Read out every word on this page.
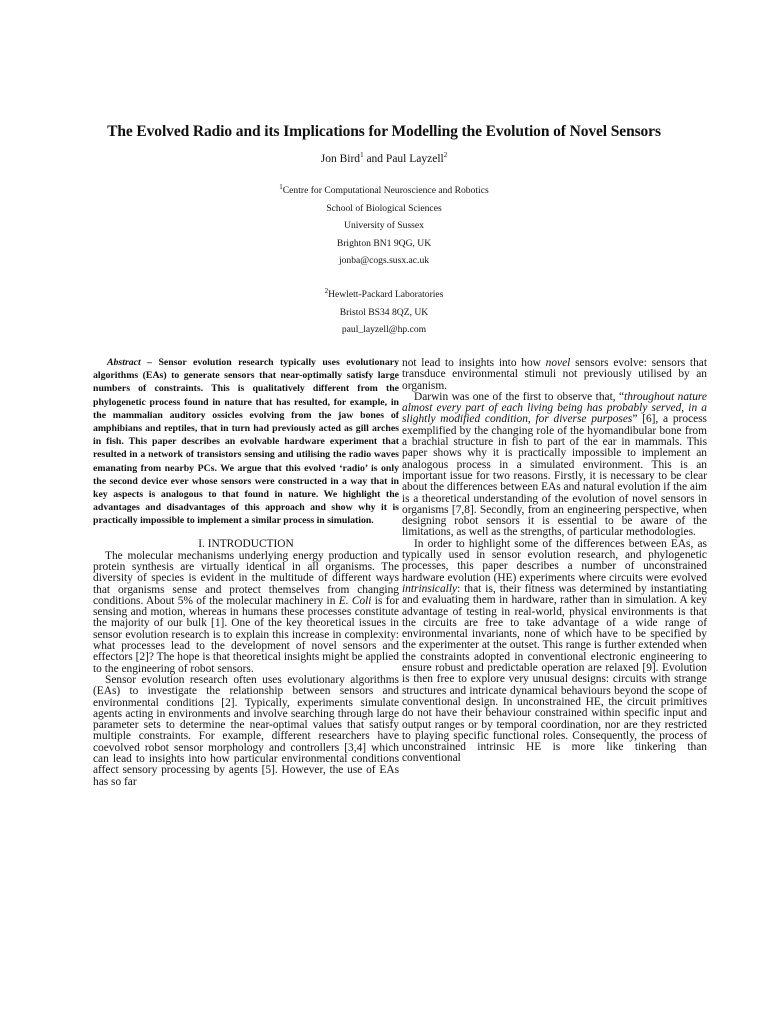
The Evolved Radio and its Implications for Modelling the Evolution of Novel Sensors
Jon Bird$^1$ and Paul Layzell$^2$
$^1$Centre for Computational Neuroscience and Robotics
School of Biological Sciences
University of Sussex
Brighton BN1 9QG, UK
jonba@cogs.susx.ac.uk
$^2$Hewlett-Packard Laboratories
Bristol BS34 8QZ, UK
paul_layzell@hp.com

Abstract – Sensor evolution research typically uses evolutionary algorithms (EAs) to generate sensors that near-optimally satisfy large numbers of constraints. This is qualitatively different from the phylogenetic process found in nature that has resulted, for example, in the mammalian auditory ossicles evolving from the jaw bones of amphibians and reptiles, that in turn had previously acted as gill arches in fish. This paper describes an evolvable hardware experiment that resulted in a network of transistors sensing and utilising the radio waves emanating from nearby PCs. We argue that this evolved ‘radio’ is only the second device ever whose sensors were constructed in a way that in key aspects is analogous to that found in nature. We highlight the advantages and disadvantages of this approach and show why it is practically impossible to implement a similar process in simulation.

I. INTRODUCTION

The molecular mechanisms underlying energy production and protein synthesis are virtually identical in all organisms. The diversity of species is evident in the multitude of different ways that organisms sense and protect themselves from changing conditions. About 5% of the molecular machinery in E. Coli is for sensing and motion, whereas in humans these processes constitute the majority of our bulk [1]. One of the key theoretical issues in sensor evolution research is to explain this increase in complexity: what processes lead to the development of novel sensors and effectors [2]? The hope is that theoretical insights might be applied to the engineering of robot sensors.

Sensor evolution research often uses evolutionary algorithms (EAs) to investigate the relationship between sensors and environmental conditions [2]. Typically, experiments simulate agents acting in environments and involve searching through large parameter sets to determine the near-optimal values that satisfy multiple constraints. For example, different researchers have coevolved robot sensor morphology and controllers [3,4] which can lead to insights into how particular environmental conditions affect sensory processing by agents [5]. However, the use of EAs has so far

not lead to insights into how novel sensors evolve: sensors that transduce environmental stimuli not previously utilised by an organism.

Darwin was one of the first to observe that, “throughout nature almost every part of each living being has probably served, in a slightly modified condition, for diverse purposes” [6], a process exemplified by the changing role of the hyomandibular bone from a brachial structure in fish to part of the ear in mammals. This paper shows why it is practically impossible to implement an analogous process in a simulated environment. This is an important issue for two reasons. Firstly, it is necessary to be clear about the differences between EAs and natural evolution if the aim is a theoretical understanding of the evolution of novel sensors in organisms [7,8]. Secondly, from an engineering perspective, when designing robot sensors it is essential to be aware of the limitations, as well as the strengths, of particular methodologies.

In order to highlight some of the differences between EAs, as typically used in sensor evolution research, and phylogenetic processes, this paper describes a number of unconstrained hardware evolution (HE) experiments where circuits were evolved intrinsically: that is, their fitness was determined by instantiating and evaluating them in hardware, rather than in simulation. A key advantage of testing in real-world, physical environments is that the circuits are free to take advantage of a wide range of environmental invariants, none of which have to be specified by the experimenter at the outset. This range is further extended when the constraints adopted in conventional electronic engineering to ensure robust and predictable operation are relaxed [9]. Evolution is then free to explore very unusual designs: circuits with strange structures and intricate dynamical behaviours beyond the scope of conventional design. In unconstrained HE, the circuit primitives do not have their behaviour constrained within specific input and output ranges or by temporal coordination, nor are they restricted to playing specific functional roles. Consequently, the process of unconstrained intrinsic HE is more like tinkering than conventional
